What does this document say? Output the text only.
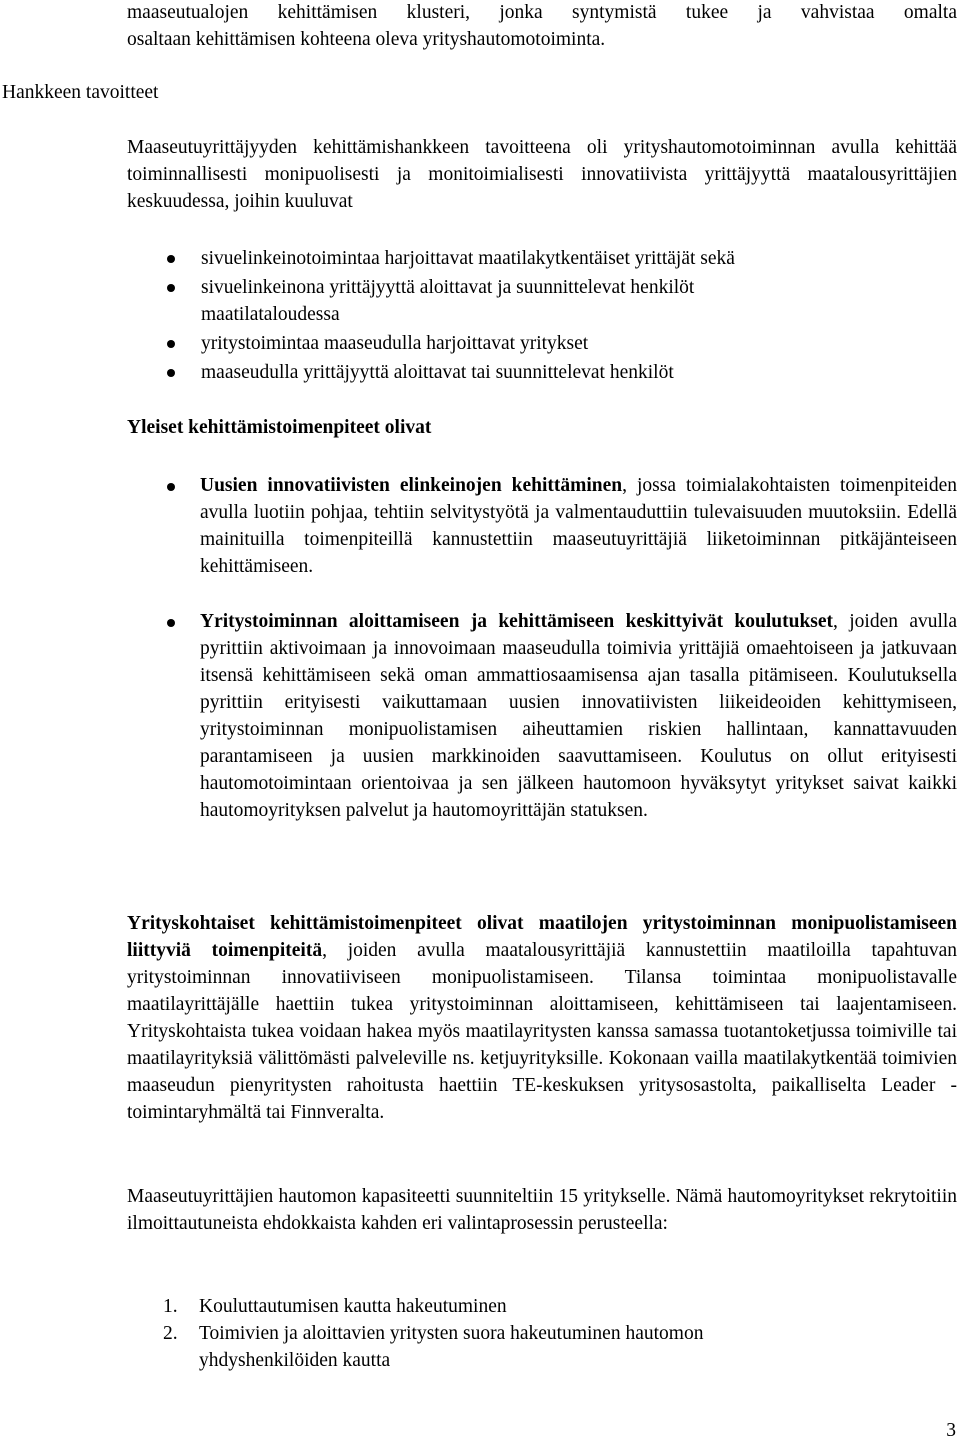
maaseutualojen kehittämisen klusteri, jonka syntymistä tukee ja vahvistaa omalta

osaltaan kehittämisen kohteena oleva yrityshautomotoiminta.

Hankkeen tavoitteet

Maaseutuyrittäjyyden kehittämishankkeen tavoitteena oli yrityshautomotoiminnan avulla kehittää toiminnallisesti monipuolisesti ja monitoimialisesti innovatiivista yrittäjyyttä maatalousyrittäjien keskuudessa, joihin kuuluvat

sivuelinkeinotoimintaa harjoittavat maatilakytkentäiset yrittäjät sekä
sivuelinkeinona yrittäjyyttä aloittavat ja suunnittelevat henkilöt maatilataloudessa
yritystoimintaa maaseudulla harjoittavat yritykset
maaseudulla yrittäjyyttä aloittavat tai suunnittelevat henkilöt

Yleiset kehittämistoimenpiteet olivat

Uusien innovatiivisten elinkeinojen kehittäminen, jossa toimialakohtaisten toimenpiteiden avulla luotiin pohjaa, tehtiin selvitystyötä ja valmentauduttiin tulevaisuuden muutoksiin. Edellä mainituilla toimenpiteillä kannustettiin maaseutuyrittäjiä liiketoiminnan pitkäjänteiseen kehittämiseen.

Yritystoiminnan aloittamiseen ja kehittämiseen keskittyivät koulutukset, joiden avulla pyrittiin aktivoimaan ja innovoimaan maaseudulla toimivia yrittäjiä omaehtoiseen ja jatkuvaan itsensä kehittämiseen sekä oman ammattiosaamisensa ajan tasalla pitämiseen. Koulutuksella pyrittiin erityisesti vaikuttamaan uusien innovatiivisten liikeideoiden kehittymiseen, yritystoiminnan monipuolistamisen aiheuttamien riskien hallintaan, kannattavuuden parantamiseen ja uusien markkinoiden saavuttamiseen. Koulutus on ollut erityisesti hautomotoimintaan orientoivaa ja sen jälkeen hautomoon hyväksytyt yritykset saivat kaikki hautomoyrityksen palvelut ja hautomoyrittäjän statuksen.

Yrityskohtaiset kehittämistoimenpiteet olivat maatilojen yritystoiminnan monipuolistamiseen liittyviä toimenpiteitä, joiden avulla maatalousyrittäjiä kannustettiin maatiloilla tapahtuvan yritystoiminnan innovatiiviseen monipuolistamiseen. Tilansa toimintaa monipuolistavalle maatilayrittäjälle haettiin tukea yritystoiminnan aloittamiseen, kehittämiseen tai laajentamiseen. Yrityskohtaista tukea voidaan hakea myös maatilayritysten kanssa samassa tuotantoketjussa toimiville tai maatilayrityksiä välittömästi palveleville ns. ketjuyrityksille. Kokonaan vailla maatilakytkentää toimivien maaseudun pienyritysten rahoitusta haettiin TE-keskuksen yritysosastolta, paikalliselta Leader -toimintaryhmältä tai Finnveralta.

Maaseutuyrittäjien hautomon kapasiteetti suunniteltiin 15 yritykselle. Nämä hautomoyritykset rekrytoitiin ilmoittautuneista ehdokkaista kahden eri valintaprosessin perusteella:

1. Kouluttautumisen kautta hakeutuminen
2. Toimivien ja aloittavien yritysten suora hakeutuminen hautomon yhdyshenkilöiden kautta

3
